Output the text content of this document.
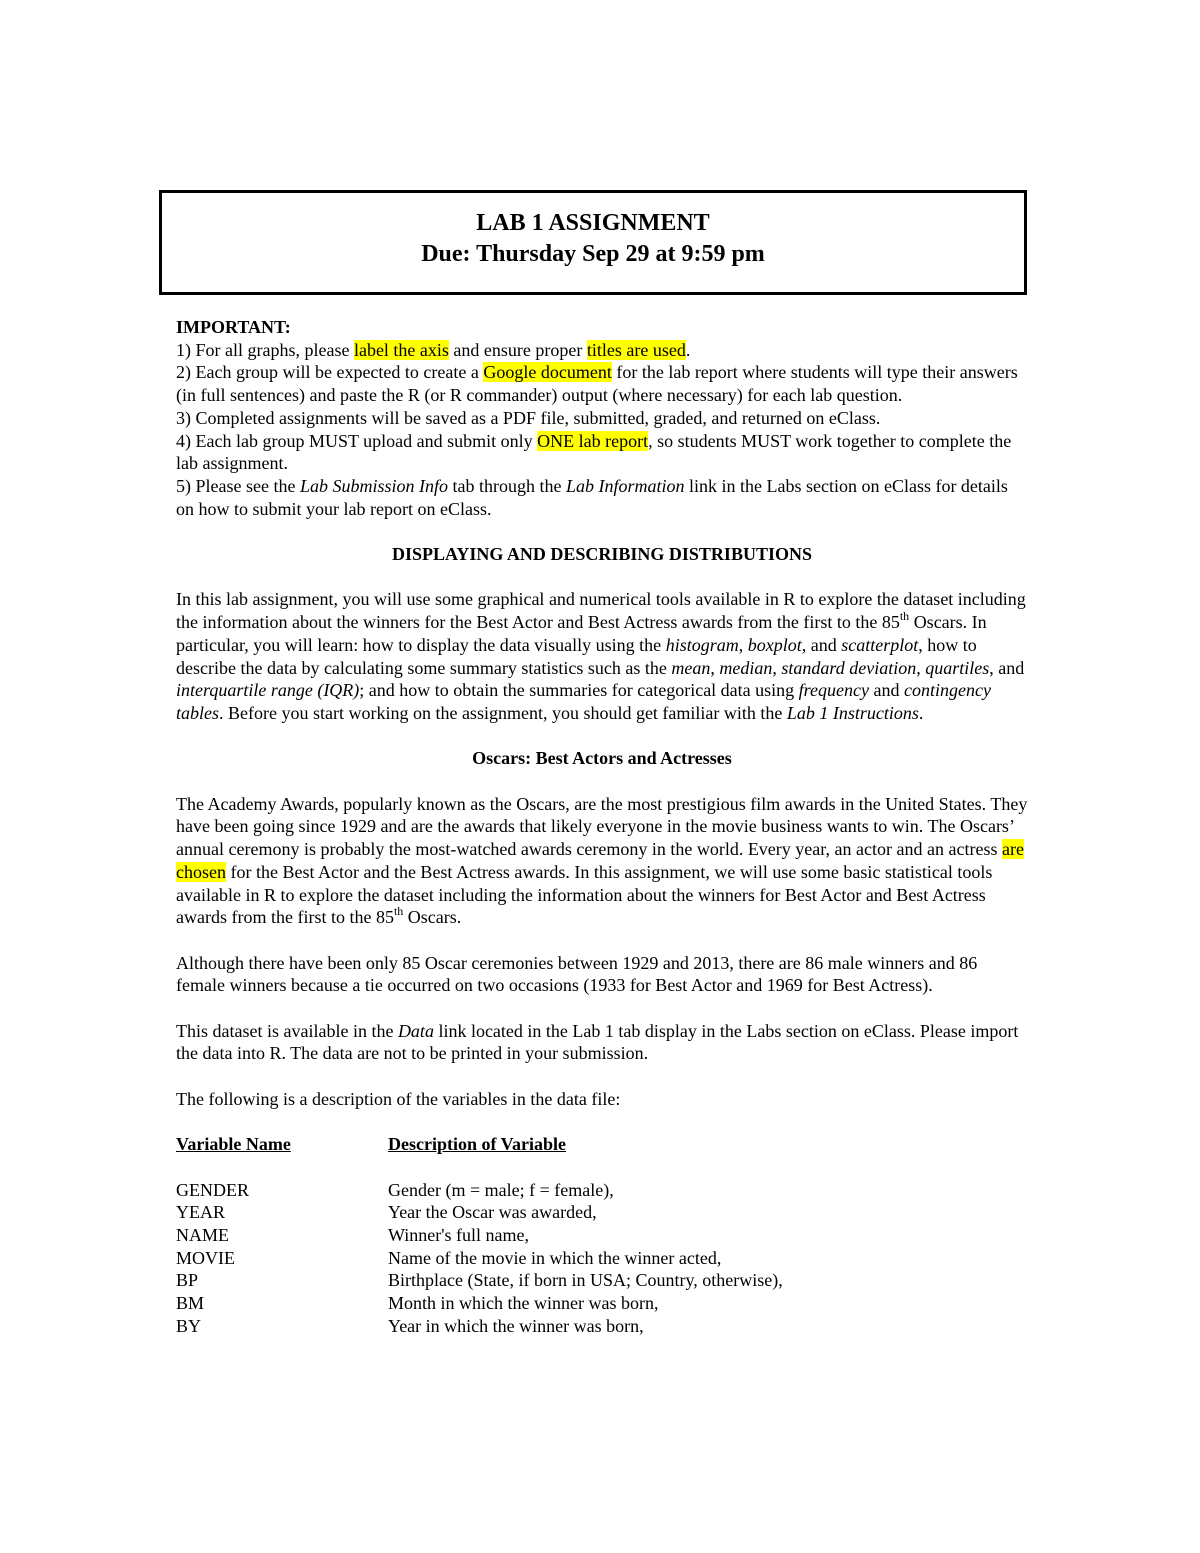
LAB 1 ASSIGNMENT
Due: Thursday Sep 29 at 9:59 pm

IMPORTANT:

1) For all graphs, please label the axis and ensure proper titles are used.

2) Each group will be expected to create a Google document for the lab report where students will type their answers (in full sentences) and paste the R (or R commander) output (where necessary) for each lab question.

3) Completed assignments will be saved as a PDF file, submitted, graded, and returned on eClass.

4) Each lab group MUST upload and submit only ONE lab report, so students MUST work together to complete the lab assignment.

5) Please see the Lab Submission Info tab through the Lab Information link in the Labs section on eClass for details on how to submit your lab report on eClass.

DISPLAYING AND DESCRIBING DISTRIBUTIONS

In this lab assignment, you will use some graphical and numerical tools available in R to explore the dataset including the information about the winners for the Best Actor and Best Actress awards from the first to the 85th Oscars. In particular, you will learn: how to display the data visually using the histogram, boxplot, and scatterplot, how to describe the data by calculating some summary statistics such as the mean, median, standard deviation, quartiles, and interquartile range (IQR); and how to obtain the summaries for categorical data using frequency and contingency tables. Before you start working on the assignment, you should get familiar with the Lab 1 Instructions.

Oscars: Best Actors and Actresses

The Academy Awards, popularly known as the Oscars, are the most prestigious film awards in the United States. They have been going since 1929 and are the awards that likely everyone in the movie business wants to win. The Oscars’ annual ceremony is probably the most-watched awards ceremony in the world. Every year, an actor and an actress are chosen for the Best Actor and the Best Actress awards. In this assignment, we will use some basic statistical tools available in R to explore the dataset including the information about the winners for Best Actor and Best Actress awards from the first to the 85th Oscars.

Although there have been only 85 Oscar ceremonies between 1929 and 2013, there are 86 male winners and 86 female winners because a tie occurred on two occasions (1933 for Best Actor and 1969 for Best Actress).

This dataset is available in the Data link located in the Lab 1 tab display in the Labs section on eClass. Please import the data into R. The data are not to be printed in your submission.

The following is a description of the variables in the data file:

Variable Name	Description of Variable
GENDER	Gender (m = male; f = female),
YEAR	Year the Oscar was awarded,
NAME	Winner's full name,
MOVIE	Name of the movie in which the winner acted,
BP	Birthplace (State, if born in USA; Country, otherwise),
BM	Month in which the winner was born,
BY	Year in which the winner was born,
